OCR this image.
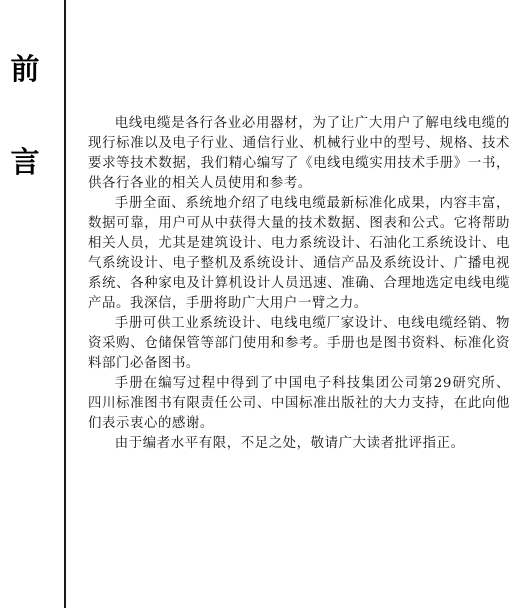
前
言

电线电缆是各行各业必用器材，为了让广大用户了解电线电缆的现行标准以及电子行业、通信行业、机械行业中的型号、规格、技术要求等技术数据，我们精心编写了《电线电缆实用技术手册》一书，供各行各业的相关人员使用和参考。

手册全面、系统地介绍了电线电缆最新标准化成果，内容丰富，数据可靠，用户可从中获得大量的技术数据、图表和公式。它将帮助相关人员，尤其是建筑设计、电力系统设计、石油化工系统设计、电气系统设计、电子整机及系统设计、通信产品及系统设计、广播电视系统、各种家电及计算机设计人员迅速、准确、合理地选定电线电缆产品。我深信，手册将助广大用户一臂之力。

手册可供工业系统设计、电线电缆厂家设计、电线电缆经销、物资采购、仓储保管等部门使用和参考。手册也是图书资料、标准化资料部门必备图书。

手册在编写过程中得到了中国电子科技集团公司第29研究所、四川标准图书有限责任公司、中国标准出版社的大力支持，在此向他们表示衷心的感谢。

由于编者水平有限，不足之处，敬请广大读者批评指正。
